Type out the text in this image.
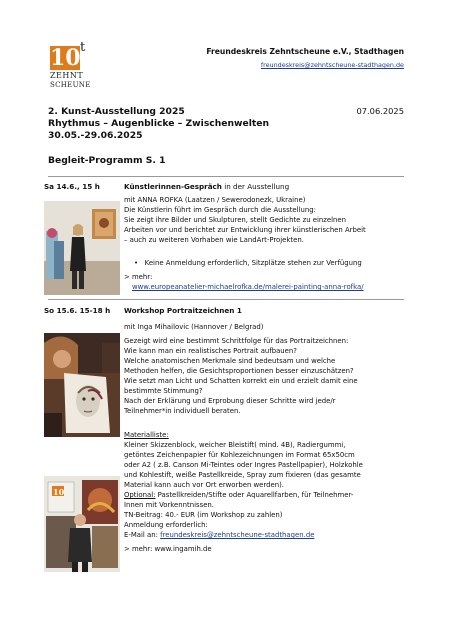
10 t
ZEHNT
SCHEUNE
Freundeskreis Zehntscheune e.V., Stadthagen
freundeskreis@zehntscheune-stadthagen.de
2. Kunst-Ausstellung 2025
Rhythmus – Augenblicke – Zwischenwelten
30.05.-29.06.2025
07.06.2025
Begleit-Programm S. 1
Sa 14.6., 15 h	Künstlerinnen-Gespräch in der Ausstellung
mit ANNA ROFKA (Laatzen / Sewerodonezk, Ukraine)
Die Künstlerin führt im Gespräch durch die Ausstellung:
Sie zeigt ihre Bilder und Skulpturen, stellt Gedichte zu einzelnen
Arbeiten vor und berichtet zur Entwicklung ihrer künstlerischen Arbeit
– auch zu weiteren Vorhaben wie LandArt-Projekten.
•   Keine Anmeldung erforderlich, Sitzplätze stehen zur Verfügung
> mehr:
www.europeanatelier-michaelrofka.de/malerei-painting-anna-rofka/
So 15.6. 15-18 h Workshop Portraitzeichnen 1
10
mit Inga Mihailovic (Hannover / Belgrad)
Gezeigt wird eine bestimmt Schrittfolge für das Portraitzeichnen:
Wie kann man ein realistisches Portrait aufbauen?
Welche anatomischen Merkmale sind bedeutsam und welche
Methoden helfen, die Gesichtsproportionen besser einzuschätzen?
Wie setzt man Licht und Schatten korrekt ein und erzielt damit eine
bestimmte Stimmung?
Nach der Erklärung und Erprobung dieser Schritte wird jede/r
Teilnehmer*in individuell beraten.
Materialliste:
Kleiner Skizzenblock, weicher Bleistift( mind. 4B), Radiergummi,
getöntes Zeichenpapier für Kohlezeichnungen im Format 65x50cm
oder A2 ( z.B. Canson Mi-Teintes oder Ingres Pastellpapier), Holzkohle
und Kohlestift, weiße Pastellkreide, Spray zum fixieren (das gesamte
Material kann auch vor Ort erworben werden).
Optional: Pastellkreiden/Stifte oder Aquarellfarben, für Teilnehmer-
Innen mit Vorkenntnissen.
TN-Beitrag: 40.- EUR (im Workshop zu zahlen)
Anmeldung erforderlich:
E-Mail an: freundeskreis@zehntscheune-stadthagen.de
> mehr: www.ingamih.de
